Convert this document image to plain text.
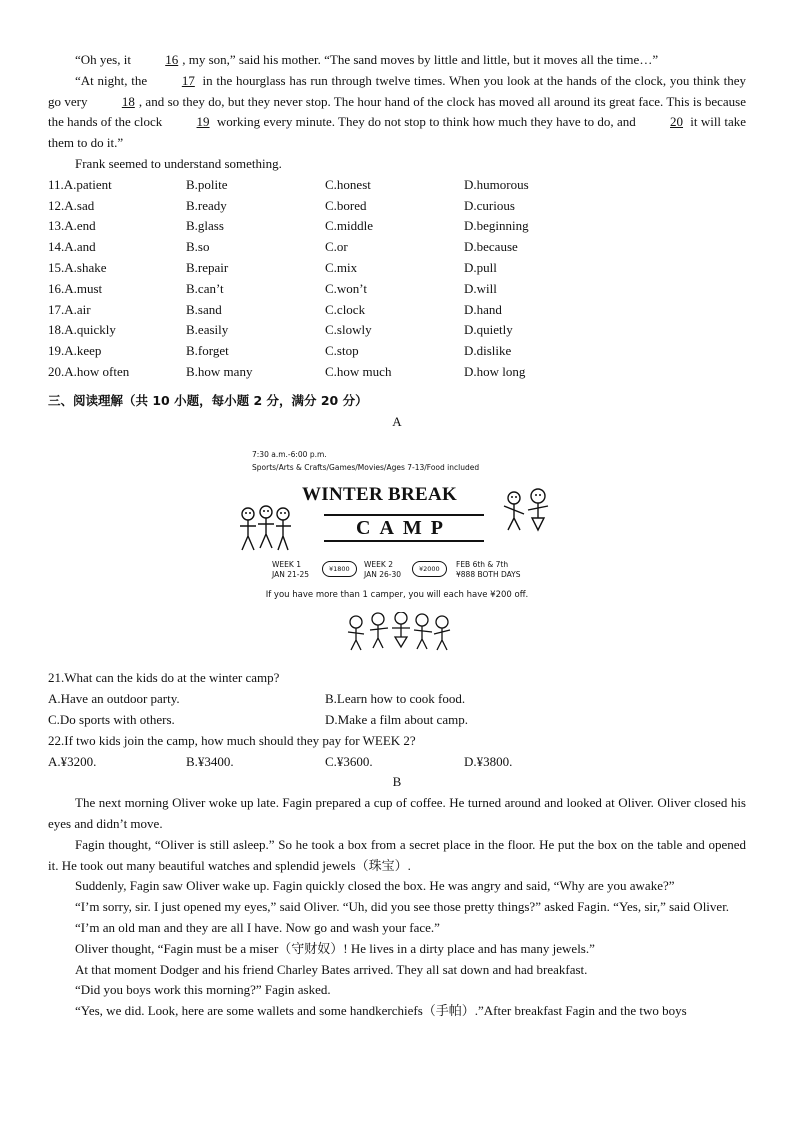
“Oh yes, it 16 , my son,” said his mother. “The sand moves by little and little, but it moves all the time…”

“At night, the 17 in the hourglass has run through twelve times. When you look at the hands of the clock, you think they go very 18 , and so they do, but they never stop. The hour hand of the clock has moved all around its great face. This is because the hands of the clock 19 working every minute. They do not stop to think how much they have to do, and 20 it will take them to do it.”

Frank seemed to understand something.

11.A.patient	B.polite	C.honest	D.humorous
12.A.sad	B.ready	C.bored	D.curious
13.A.end	B.glass	C.middle	D.beginning
14.A.and	B.so	C.or	D.because
15.A.shake	B.repair	C.mix	D.pull
16.A.must	B.can’t	C.won’t	D.will
17.A.air	B.sand	C.clock	D.hand
18.A.quickly	B.easily	C.slowly	D.quietly
19.A.keep	B.forget	C.stop	D.dislike
20.A.how often	B.how many	C.how much	D.how long
三、阅读理解（共 10 小题，每小题 2 分，满分 20 分）
A
7:30 a.m.-6:00 p.m.
Sports/Arts & Crafts/Games/Movies/Ages 7-13/Food included
WINTER BREAK
CAMP
WEEK 1
JAN 21-25
¥1800	WEEK 2
JAN 26-30
¥2000	FEB 6th & 7th
¥888 BOTH DAYS
If you have more than 1 camper, you will each have ¥200 off.

21.What can the kids do at the winter camp?

A.Have an outdoor party.	B.Learn how to cook food.
C.Do sports with others.	D.Make a film about camp.

22.If two kids join the camp, how much should they pay for WEEK 2?

A.¥3200.	B.¥3400.	C.¥3600.	D.¥3800.
B

The next morning Oliver woke up late. Fagin prepared a cup of coffee. He turned around and looked at Oliver. Oliver closed his eyes and didn’t move.

Fagin thought, “Oliver is still asleep.” So he took a box from a secret place in the floor. He put the box on the table and opened it. He took out many beautiful watches and splendid jewels（珠宝）.

Suddenly, Fagin saw Oliver wake up. Fagin quickly closed the box. He was angry and said, “Why are you awake?”

“I’m sorry, sir. I just opened my eyes,” said Oliver. “Uh, did you see those pretty things?” asked Fagin. “Yes, sir,” said Oliver.

“I’m an old man and they are all I have. Now go and wash your face.”

Oliver thought, “Fagin must be a miser（守财奴）! He lives in a dirty place and has many jewels.”

At that moment Dodger and his friend Charley Bates arrived. They all sat down and had breakfast.

“Did you boys work this morning?” Fagin asked.

“Yes, we did. Look, here are some wallets and some handkerchiefs（手帕）.”After breakfast Fagin and the two boys
